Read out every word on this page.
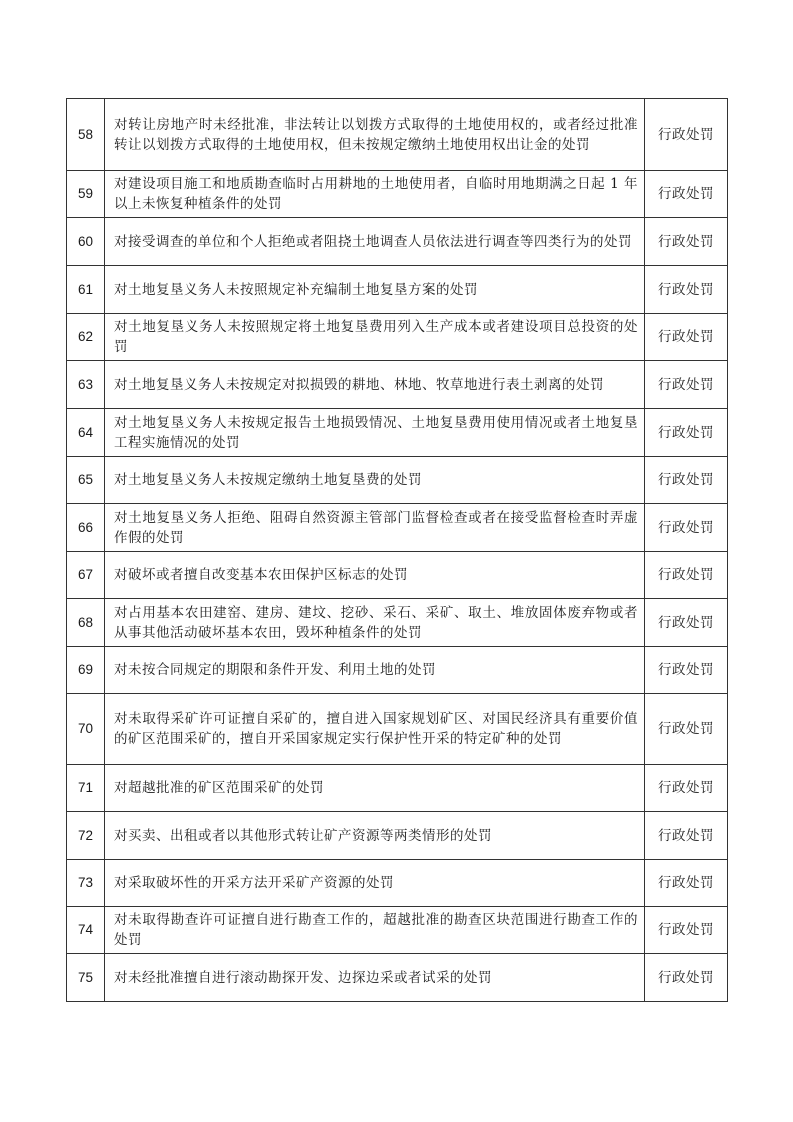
58	对转让房地产时未经批准，非法转让以划拨方式取得的土地使用权的，或者经过批准转让以划拨方式取得的土地使用权，但未按规定缴纳土地使用权出让金的处罚	行政处罚
59	对建设项目施工和地质勘查临时占用耕地的土地使用者，自临时用地期满之日起 1 年以上未恢复种植条件的处罚	行政处罚
60	对接受调查的单位和个人拒绝或者阻挠土地调查人员依法进行调查等四类行为的处罚	行政处罚
61	对土地复垦义务人未按照规定补充编制土地复垦方案的处罚	行政处罚
62	对土地复垦义务人未按照规定将土地复垦费用列入生产成本或者建设项目总投资的处罚	行政处罚
63	对土地复垦义务人未按规定对拟损毁的耕地、林地、牧草地进行表土剥离的处罚	行政处罚
64	对土地复垦义务人未按规定报告土地损毁情况、土地复垦费用使用情况或者土地复垦工程实施情况的处罚	行政处罚
65	对土地复垦义务人未按规定缴纳土地复垦费的处罚	行政处罚
66	对土地复垦义务人拒绝、阻碍自然资源主管部门监督检查或者在接受监督检查时弄虚作假的处罚	行政处罚
67	对破坏或者擅自改变基本农田保护区标志的处罚	行政处罚
68	对占用基本农田建窑、建房、建坟、挖砂、采石、采矿、取土、堆放固体废弃物或者从事其他活动破坏基本农田，毁坏种植条件的处罚	行政处罚
69	对未按合同规定的期限和条件开发、利用土地的处罚	行政处罚
70	对未取得采矿许可证擅自采矿的，擅自进入国家规划矿区、对国民经济具有重要价值的矿区范围采矿的，擅自开采国家规定实行保护性开采的特定矿种的处罚	行政处罚
71	对超越批准的矿区范围采矿的处罚	行政处罚
72	对买卖、出租或者以其他形式转让矿产资源等两类情形的处罚	行政处罚
73	对采取破坏性的开采方法开采矿产资源的处罚	行政处罚
74	对未取得勘查许可证擅自进行勘查工作的，超越批准的勘查区块范围进行勘查工作的处罚	行政处罚
75	对未经批准擅自进行滚动勘探开发、边探边采或者试采的处罚	行政处罚
